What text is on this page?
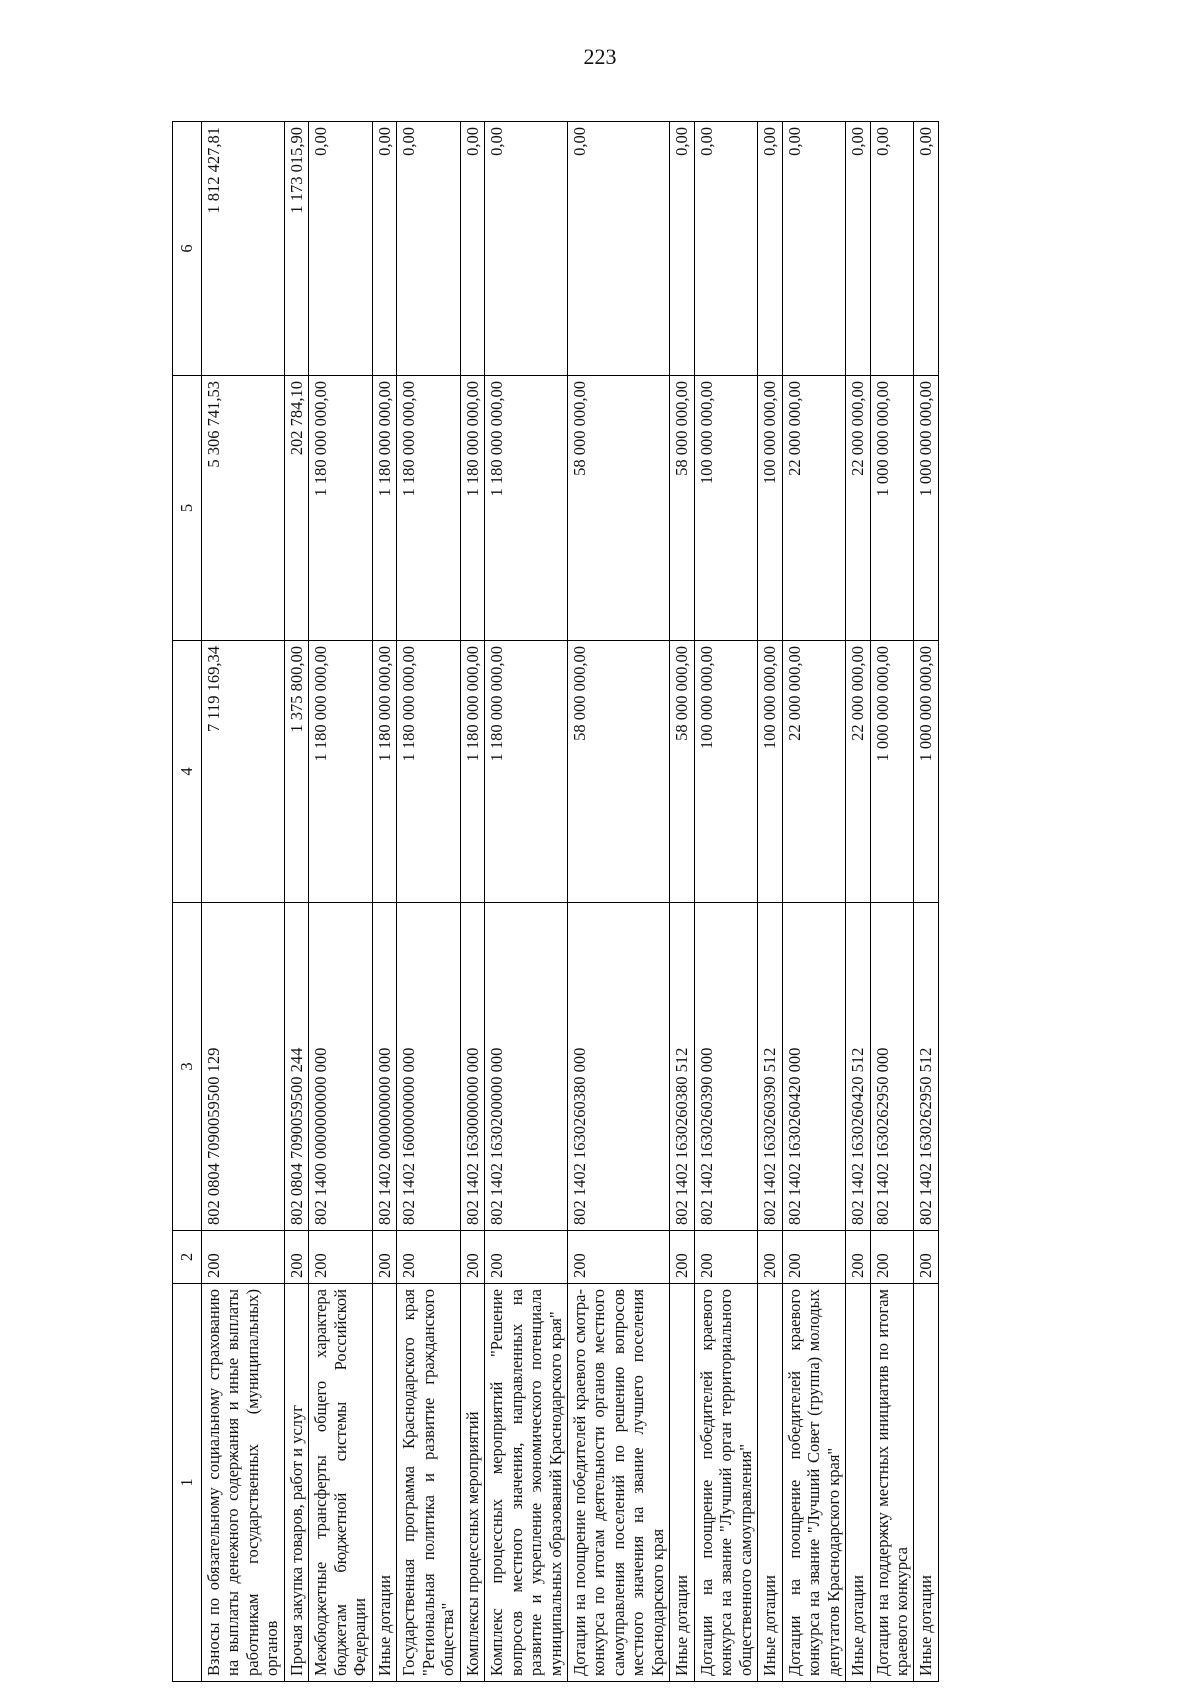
223
1	2	3	4	5	6
Взносы по обязательному социальному страхованию на выплаты денежного содержания и иные выплаты работникам государственных (муниципальных) органов	200	802 0804 7090059500 129	7 119 169,34	5 306 741,53	1 812 427,81
Прочая закупка товаров, работ и услуг	200	802 0804 7090059500 244	1 375 800,00	202 784,10	1 173 015,90
Межбюджетные трансферты общего характера бюджетам бюджетной системы Российской Федерации	200	802 1400 0000000000 000	1 180 000 000,00	1 180 000 000,00	0,00
Иные дотации	200	802 1402 0000000000 000	1 180 000 000,00	1 180 000 000,00	0,00
Государственная программа Краснодарского края "Региональная политика и развитие гражданского общества"	200	802 1402 1600000000 000	1 180 000 000,00	1 180 000 000,00	0,00
Комплексы процессных мероприятий	200	802 1402 1630000000 000	1 180 000 000,00	1 180 000 000,00	0,00
Комплекс процессных мероприятий "Решение вопросов местного значения, направленных на развитие и укрепление экономического потенциала муниципальных образований Краснодарского края"	200	802 1402 1630200000 000	1 180 000 000,00	1 180 000 000,00	0,00
Дотации на поощрение победителей краевого смотра-конкурса по итогам деятельности органов местного самоуправления поселений по решению вопросов местного значения на звание лучшего поселения Краснодарского края	200	802 1402 1630260380 000	58 000 000,00	58 000 000,00	0,00
Иные дотации	200	802 1402 1630260380 512	58 000 000,00	58 000 000,00	0,00
Дотации на поощрение победителей краевого конкурса на звание "Лучший орган территориального общественного самоуправления"	200	802 1402 1630260390 000	100 000 000,00	100 000 000,00	0,00
Иные дотации	200	802 1402 1630260390 512	100 000 000,00	100 000 000,00	0,00
Дотации на поощрение победителей краевого конкурса на звание "Лучший Совет (группа) молодых депутатов Краснодарского края"	200	802 1402 1630260420 000	22 000 000,00	22 000 000,00	0,00
Иные дотации	200	802 1402 1630260420 512	22 000 000,00	22 000 000,00	0,00
Дотации на поддержку местных инициатив по итогам краевого конкурса	200	802 1402 1630262950 000	1 000 000 000,00	1 000 000 000,00	0,00
Иные дотации	200	802 1402 1630262950 512	1 000 000 000,00	1 000 000 000,00	0,00
